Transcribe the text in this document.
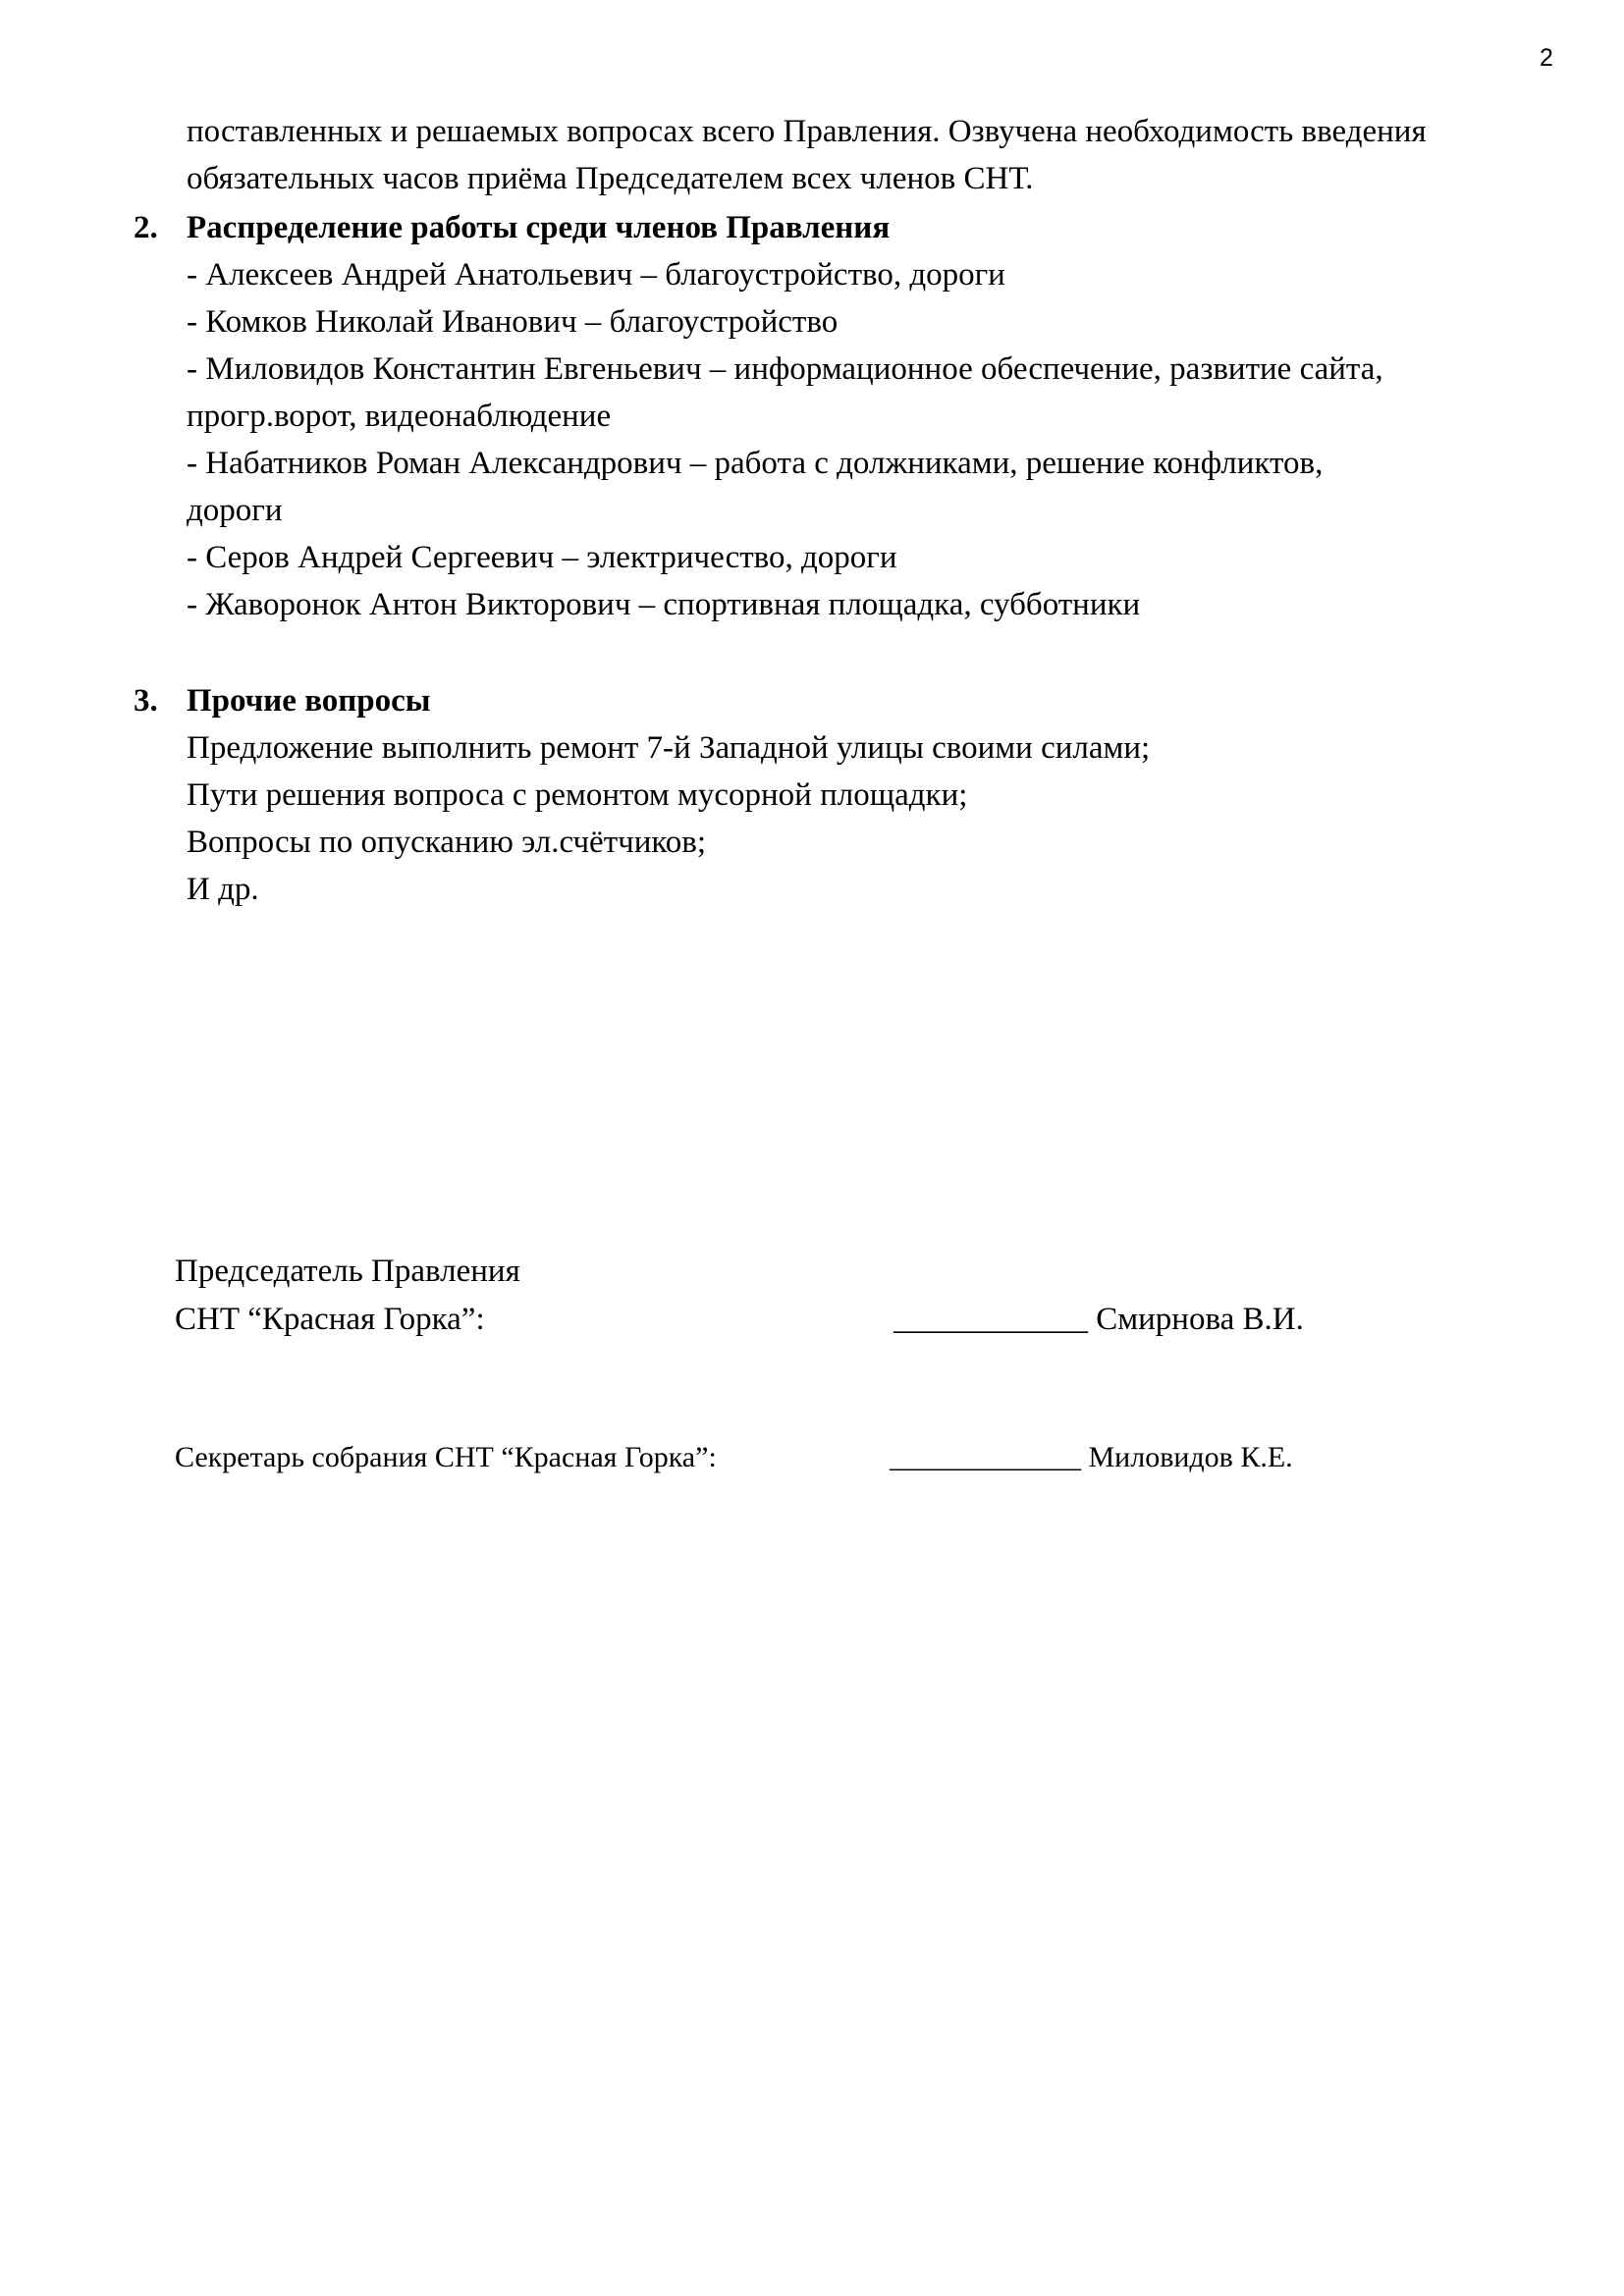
2
поставленных и решаемых вопросах всего Правления. Озвучена необходимость введения
обязательных часов приёма Председателем всех членов СНТ.
2. Распределение работы среди членов Правления
- Алексеев Андрей Анатольевич – благоустройство, дороги
- Комков Николай Иванович – благоустройство
- Миловидов Константин Евгеньевич – информационное обеспечение, развитие сайта,
прогр.ворот, видеонаблюдение
- Набатников Роман Александрович – работа с должниками, решение конфликтов,
дороги
- Серов Андрей Сергеевич – электричество, дороги
- Жаворонок Антон Викторович – спортивная площадка, субботники
3. Прочие вопросы
Предложение выполнить ремонт 7-й Западной улицы своими силами;
Пути решения вопроса с ремонтом мусорной площадки;
Вопросы по опусканию эл.счётчиков;
И др.
Председатель Правления
СНТ “Красная Горка”:	____________ Смирнова В.И.
Секретарь собрания СНТ “Красная Горка”:	_____________ Миловидов К.Е.
